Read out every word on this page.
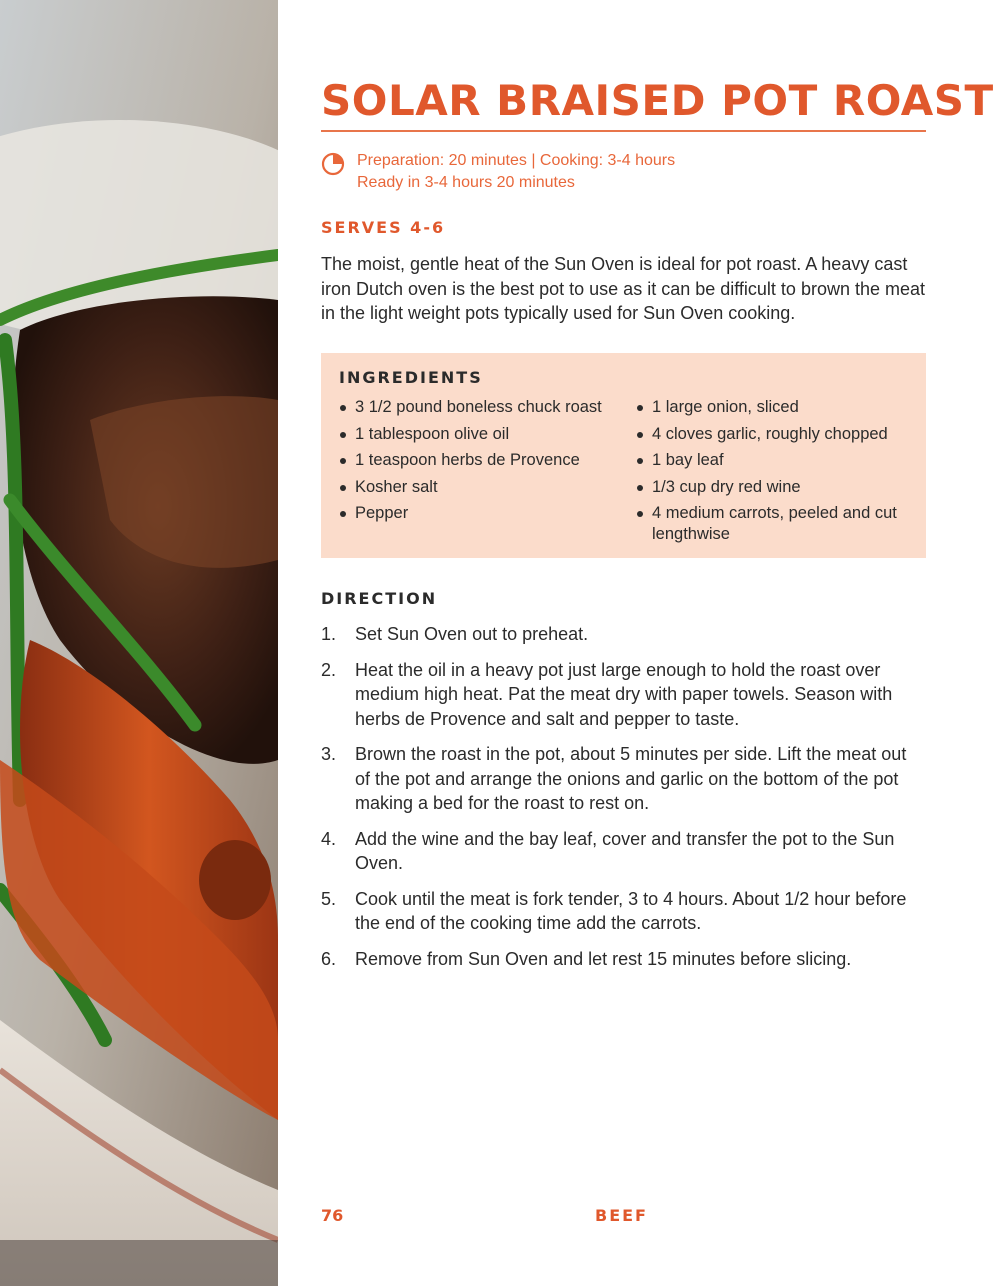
SOLAR BRAISED POT ROAST
Preparation: 20 minutes | Cooking: 3-4 hours
Ready in 3-4 hours 20 minutes
SERVES 4-6
The moist, gentle heat of the Sun Oven is ideal for pot roast. A heavy cast iron Dutch oven is the best pot to use as it can be difficult to brown the meat in the light weight pots typically used for Sun Oven cooking.
INGREDIENTS
3 1/2 pound boneless chuck roast
1 tablespoon olive oil
1 teaspoon herbs de Provence
Kosher salt
Pepper
1 large onion, sliced
4 cloves garlic, roughly chopped
1 bay leaf
1/3 cup dry red wine
4 medium carrots, peeled and cut lengthwise
DIRECTION
1. Set Sun Oven out to preheat.
2. Heat the oil in a heavy pot just large enough to hold the roast over medium high heat. Pat the meat dry with paper towels. Season with herbs de Provence and salt and pepper to taste.
3. Brown the roast in the pot, about 5 minutes per side. Lift the meat out of the pot and arrange the onions and garlic on the bottom of the pot making a bed for the roast to rest on.
4. Add the wine and the bay leaf, cover and transfer the pot to the Sun Oven.
5. Cook until the meat is fork tender, 3 to 4 hours. About 1/2 hour before the end of the cooking time add the carrots.
6. Remove from Sun Oven and let rest 15 minutes before slicing.
76	BEEF
